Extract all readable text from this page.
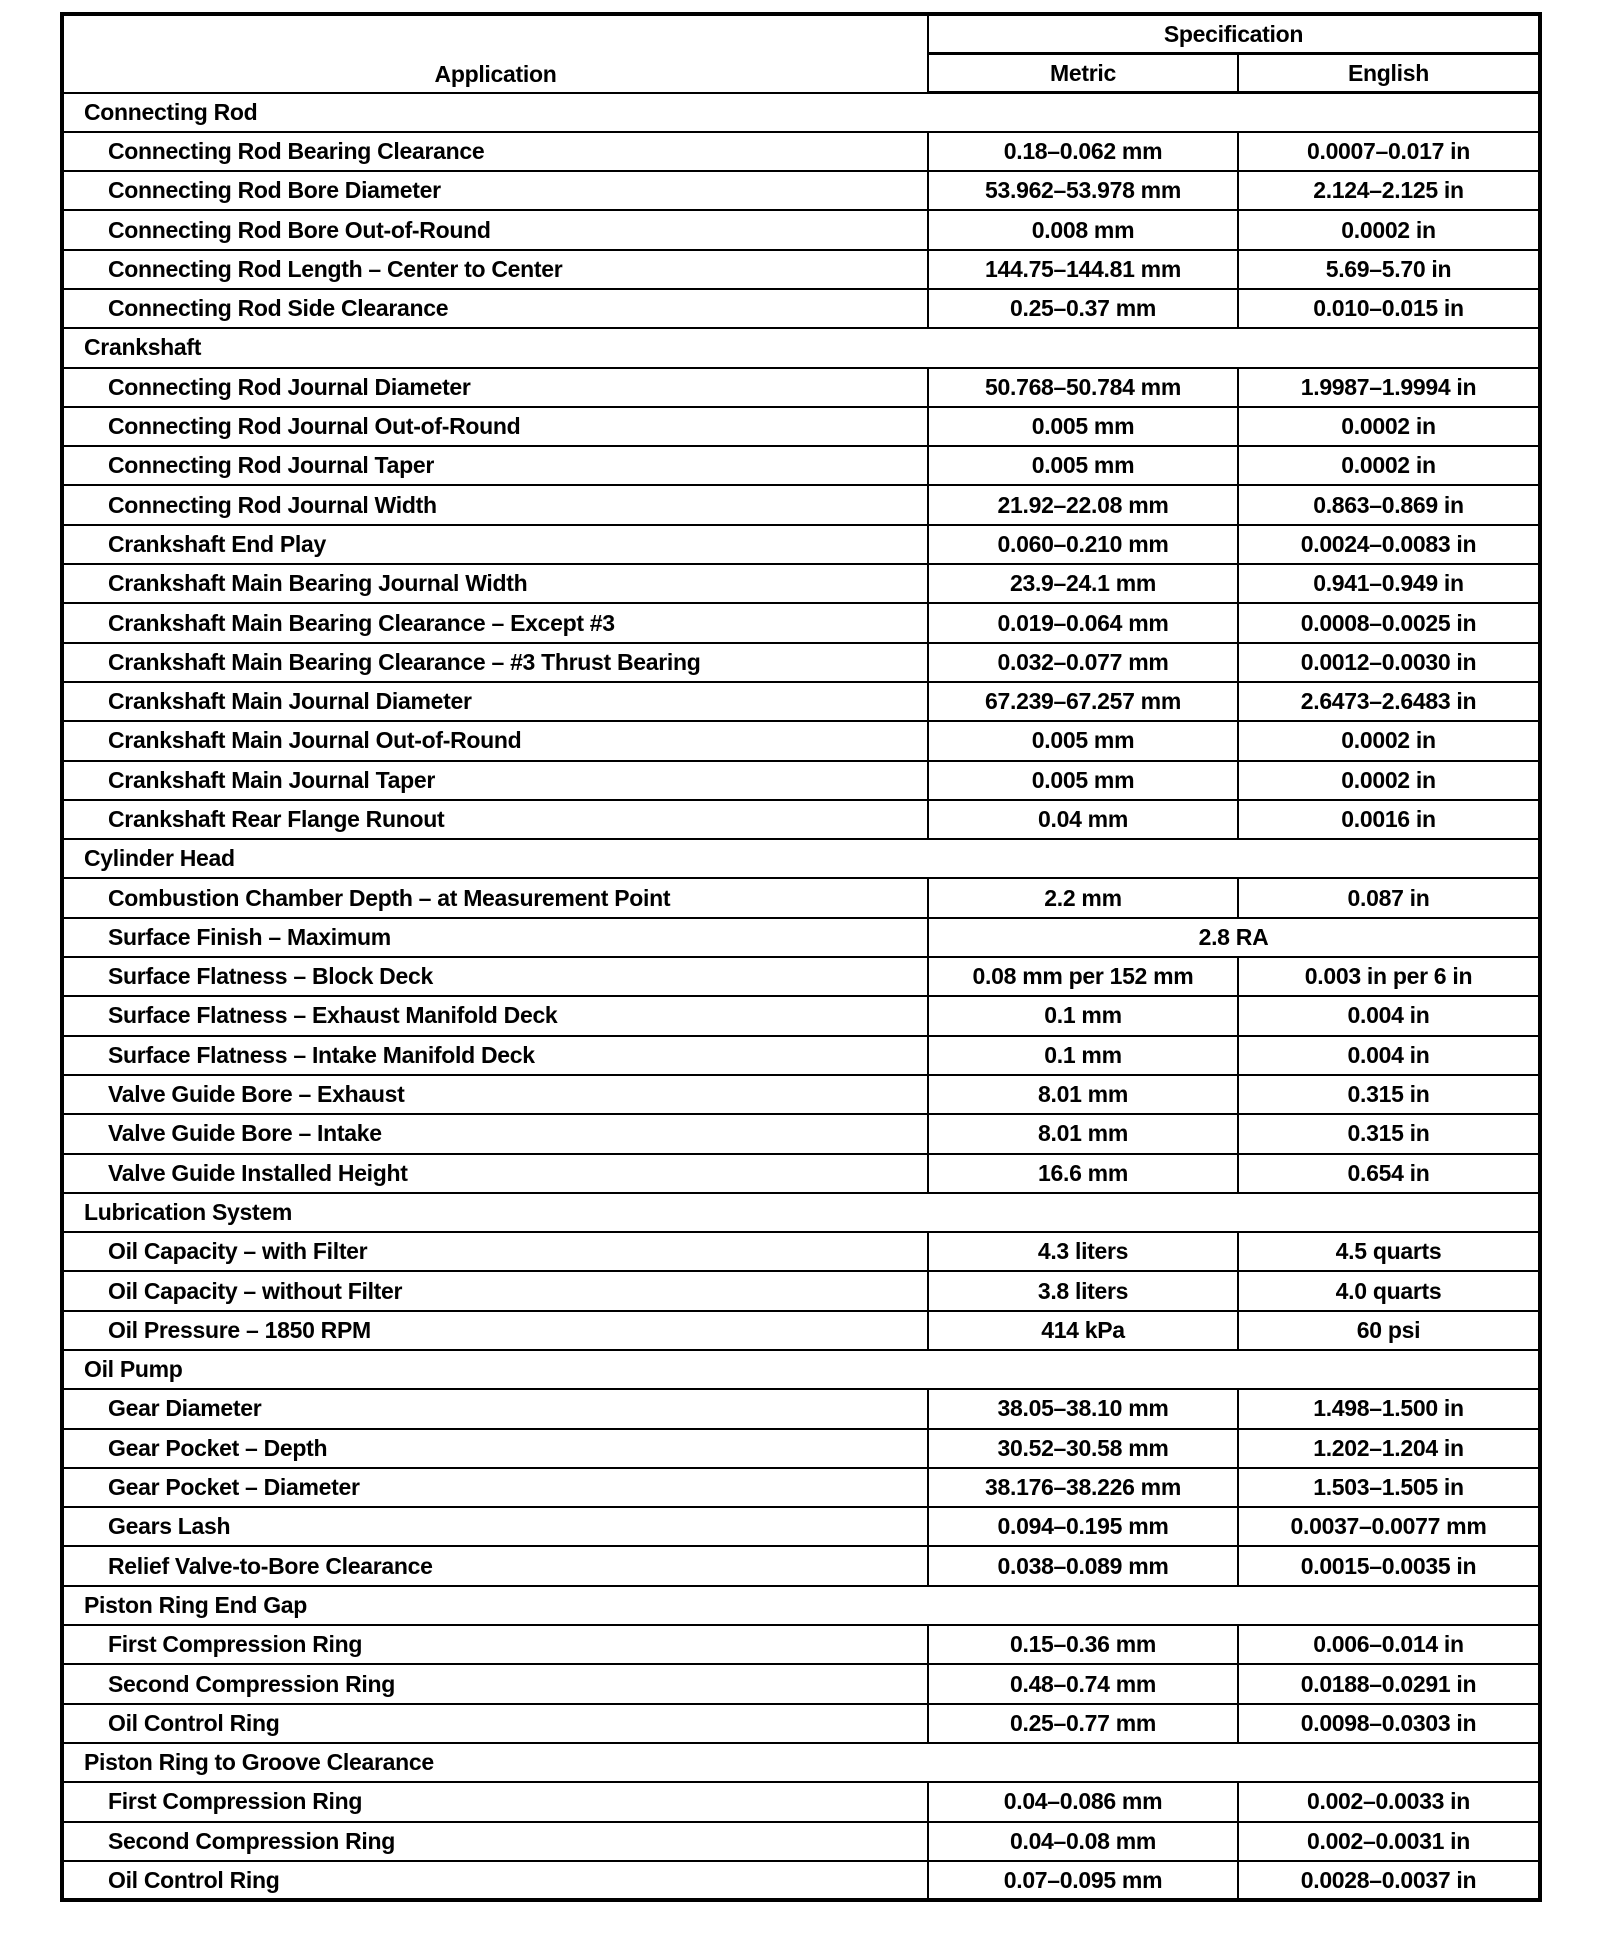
Application	Specification	
	Metric	English
Connecting Rod		
Connecting Rod Bearing Clearance	0.18–0.062 mm	0.0007–0.017 in
Connecting Rod Bore Diameter	53.962–53.978 mm	2.124–2.125 in
Connecting Rod Bore Out-of-Round	0.008 mm	0.0002 in
Connecting Rod Length – Center to Center	144.75–144.81 mm	5.69–5.70 in
Connecting Rod Side Clearance	0.25–0.37 mm	0.010–0.015 in
Crankshaft		
Connecting Rod Journal Diameter	50.768–50.784 mm	1.9987–1.9994 in
Connecting Rod Journal Out-of-Round	0.005 mm	0.0002 in
Connecting Rod Journal Taper	0.005 mm	0.0002 in
Connecting Rod Journal Width	21.92–22.08 mm	0.863–0.869 in
Crankshaft End Play	0.060–0.210 mm	0.0024–0.0083 in
Crankshaft Main Bearing Journal Width	23.9–24.1 mm	0.941–0.949 in
Crankshaft Main Bearing Clearance – Except #3	0.019–0.064 mm	0.0008–0.0025 in
Crankshaft Main Bearing Clearance – #3 Thrust Bearing	0.032–0.077 mm	0.0012–0.0030 in
Crankshaft Main Journal Diameter	67.239–67.257 mm	2.6473–2.6483 in
Crankshaft Main Journal Out-of-Round	0.005 mm	0.0002 in
Crankshaft Main Journal Taper	0.005 mm	0.0002 in
Crankshaft Rear Flange Runout	0.04 mm	0.0016 in
Cylinder Head		
Combustion Chamber Depth – at Measurement Point	2.2 mm	0.087 in
Surface Finish – Maximum	2.8 RA	
Surface Flatness – Block Deck	0.08 mm per 152 mm	0.003 in per 6 in
Surface Flatness – Exhaust Manifold Deck	0.1 mm	0.004 in
Surface Flatness – Intake Manifold Deck	0.1 mm	0.004 in
Valve Guide Bore – Exhaust	8.01 mm	0.315 in
Valve Guide Bore – Intake	8.01 mm	0.315 in
Valve Guide Installed Height	16.6 mm	0.654 in
Lubrication System		
Oil Capacity – with Filter	4.3 liters	4.5 quarts
Oil Capacity – without Filter	3.8 liters	4.0 quarts
Oil Pressure – 1850 RPM	414 kPa	60 psi
Oil Pump		
Gear Diameter	38.05–38.10 mm	1.498–1.500 in
Gear Pocket – Depth	30.52–30.58 mm	1.202–1.204 in
Gear Pocket – Diameter	38.176–38.226 mm	1.503–1.505 in
Gears Lash	0.094–0.195 mm	0.0037–0.0077 mm
Relief Valve-to-Bore Clearance	0.038–0.089 mm	0.0015–0.0035 in
Piston Ring End Gap		
First Compression Ring	0.15–0.36 mm	0.006–0.014 in
Second Compression Ring	0.48–0.74 mm	0.0188–0.0291 in
Oil Control Ring	0.25–0.77 mm	0.0098–0.0303 in
Piston Ring to Groove Clearance		
First Compression Ring	0.04–0.086 mm	0.002–0.0033 in
Second Compression Ring	0.04–0.08 mm	0.002–0.0031 in
Oil Control Ring	0.07–0.095 mm	0.0028–0.0037 in
